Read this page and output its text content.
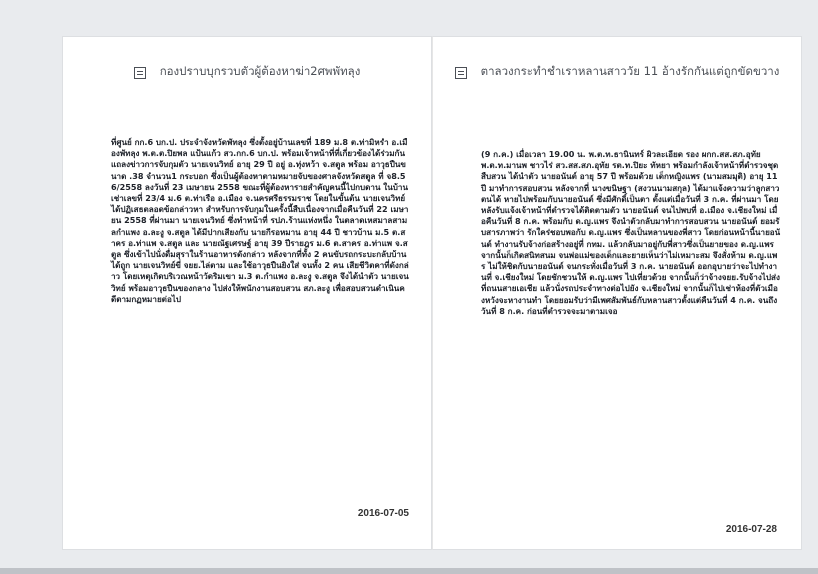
กองปราบบุกรวบตัวผู้ต้องหาฆ่า2ศพพัทลุง
ที่ศูนย์ กก.6 บก.ป. ประจำจังหวัดพัทลุง ซึ่งตั้งอยู่บ้านเลขที่ 189 ม.8 ต.ท่ามิหรำ อ.เมืองพัทลุง พ.ต.ต.ปิยพล แป้นแก้ว สว.กก.6 บก.ป. พร้อมเจ้าหน้าที่ที่เกี่ยวข้องได้ร่วมกันแถลงข่าวการจับกุมตัว นายเจนวิทย์ อายุ 29 ปี อยู่ อ.ทุ่งหว้า จ.สตูล พร้อม อาวุธปืนขนาด .38 จำนวน1 กระบอก ซึ่งเป็นผู้ต้องหาตามหมายจับของศาลจังหวัดสตูล ที่ จ8.56/2558 ลงวันที่ 23 เมษายน 2558 ขณะที่ผู้ต้องหารายสำคัญคนนี้ไปกบดาน ในบ้านเช่าเลขที่ 23/4 ม.6 ต.ท่าเรือ อ.เมือง จ.นครศรีธรรมราช โดยในขั้นต้น นายเจนวิทย์ ได้ปฏิเสธตลอดข้อกล่าวหา สำหรับการจับกุมในครั้งนี้สืบเนื่องจากเมื่อคืนวันที่ 22 เมษายน 2558 ที่ผ่านมา นายเจนวิทย์ ซึ่งทำหน้าที่ รปภ.ร้านแห่งหนึ่ง ในตลาดเหสมาลสามลกำแพง อ.ละงู จ.สตูล ได้มีปากเสียงกับ นายกีรอหมาน อายุ 44 ปี ชาวบ้าน ม.5 ต.สาคร อ.ท่าแพ จ.สตูล และ นายณัฐเศรษฐ์ อายุ 39 ปีรายฎร ม.6 ต.สาคร อ.ท่าแพ จ.สตูล ซึ่งเข้าไปนั่งดื่มสุราในร้านอาหารดังกล่าว หลังจากที่ทั้ง 2 คนขับรถกระบะกลับบ้าน ได้ถูก นายเจนวิทย์ขี่ จยย.ไล่ตาม และใช้อาวุธปืนยิงใส่ จนทั้ง 2 คน เสียชีวิตคาที่ดังกล่าว โดยเหตุเกิดบริเวณหน้าวัดริมเขา ม.3 ต.กำแพง อ.ละงู จ.สตูล จึงได้นำตัว นายเจนวิทย์ พร้อมอาวุธปืนของกลาง ไปส่งให้พนักงานสอบสวน สภ.ละงู เพื่อสอบสวนดำเนินคดีตามกฏหมายต่อไป
2016-07-05
ตาลวงกระทำชำเราหลานสาววัย 11 อ้างรักกันแต่ถูกขัดขวาง
(9 ก.ค.) เมื่อเวลา 19.00 น. พ.ต.ท.ธานินทร์ ผิวละเอียด รอง ผกก.สส.สภ.อุทัย พ.ต.ท.มานพ ชาวไร่ สว.สส.สภ.อุทัย รต.ท.ปิยะ ทัหยา พร้อมกำลังเจ้าหน้าที่ตำรวจชุดสืบสวน ได้นำตัว นายอนันต์ อายุ 57 ปี พร้อมด้วย เด็กหญิงแพร (นามสมมุติ) อายุ 11 ปี มาทำการสอบสวน หลังจากที่ นางขนิษฐา (สงวนนามสกุล) ได้มาแจ้งความว่าลูกสาวตนได้ หายไปพร้อมกับนายอนันต์ ซึ่งมีศักดิ์เป็นตา ตั้งแต่เมื่อวันที่ 3 ก.ค. ที่ผ่านมา โดยหลังรับแจ้งเจ้าหน้าที่ตำรวจได้ติดตามตัว นายอนันต์ จนไปพบที่ อ.เมือง จ.เชียงใหม่ เมื่อคืนวันที่ 8 ก.ค. พร้อมกับ ด.ญ.แพร จึงนำตัวกลับมาทำการสอบสวน นายอนันต์ ยอมรับสารภาพว่า รักใคร่ชอบพอกับ ด.ญ.แพร ซึ่งเป็นหลานของพี่สาว โดยก่อนหน้านี้นายอนันต์ ทำงานรับจ้างก่อสร้างอยู่ที่ กทม. แล้วกลับมาอยู่กับพี่สาวซึ่งเป็นยายของ ด.ญ.แพร จากนั้นก็เกิดสนิทสนม จนพ่อแม่ของเด็กและยายเห็นว่าไม่เหมาะสม จึงสั่งห้าม ด.ญ.แพร ไม่ให้ชิดกับนายอนันต์ จนกระทั่งเมื่อวันที่ 3 ก.ค. นายอนันต์ ออกอุบายว่าจะไปทำงานที่ จ.เชียงใหม่ โดยชักชวนให้ ด.ญ.แพร ไปเที่ยวด้วย จากนั้นก็ว่าจ้างจยย.รับจ้างไปส่งที่ถนนสายเอเชีย แล้วนั่งรถประจำทางต่อไปยัง จ.เชียงใหม่ จากนั้นก็ไปเช่าห้องที่ตัวเมืองหวังจะหางานทำ โดยยอมรับว่ามีเพศสัมพันธ์กับหลานสาวตั้งแต่คืนวันที่ 4 ก.ค. จนถึงวันที่ 8 ก.ค. ก่อนที่ตำรวจจะมาตามเจอ
2016-07-28
